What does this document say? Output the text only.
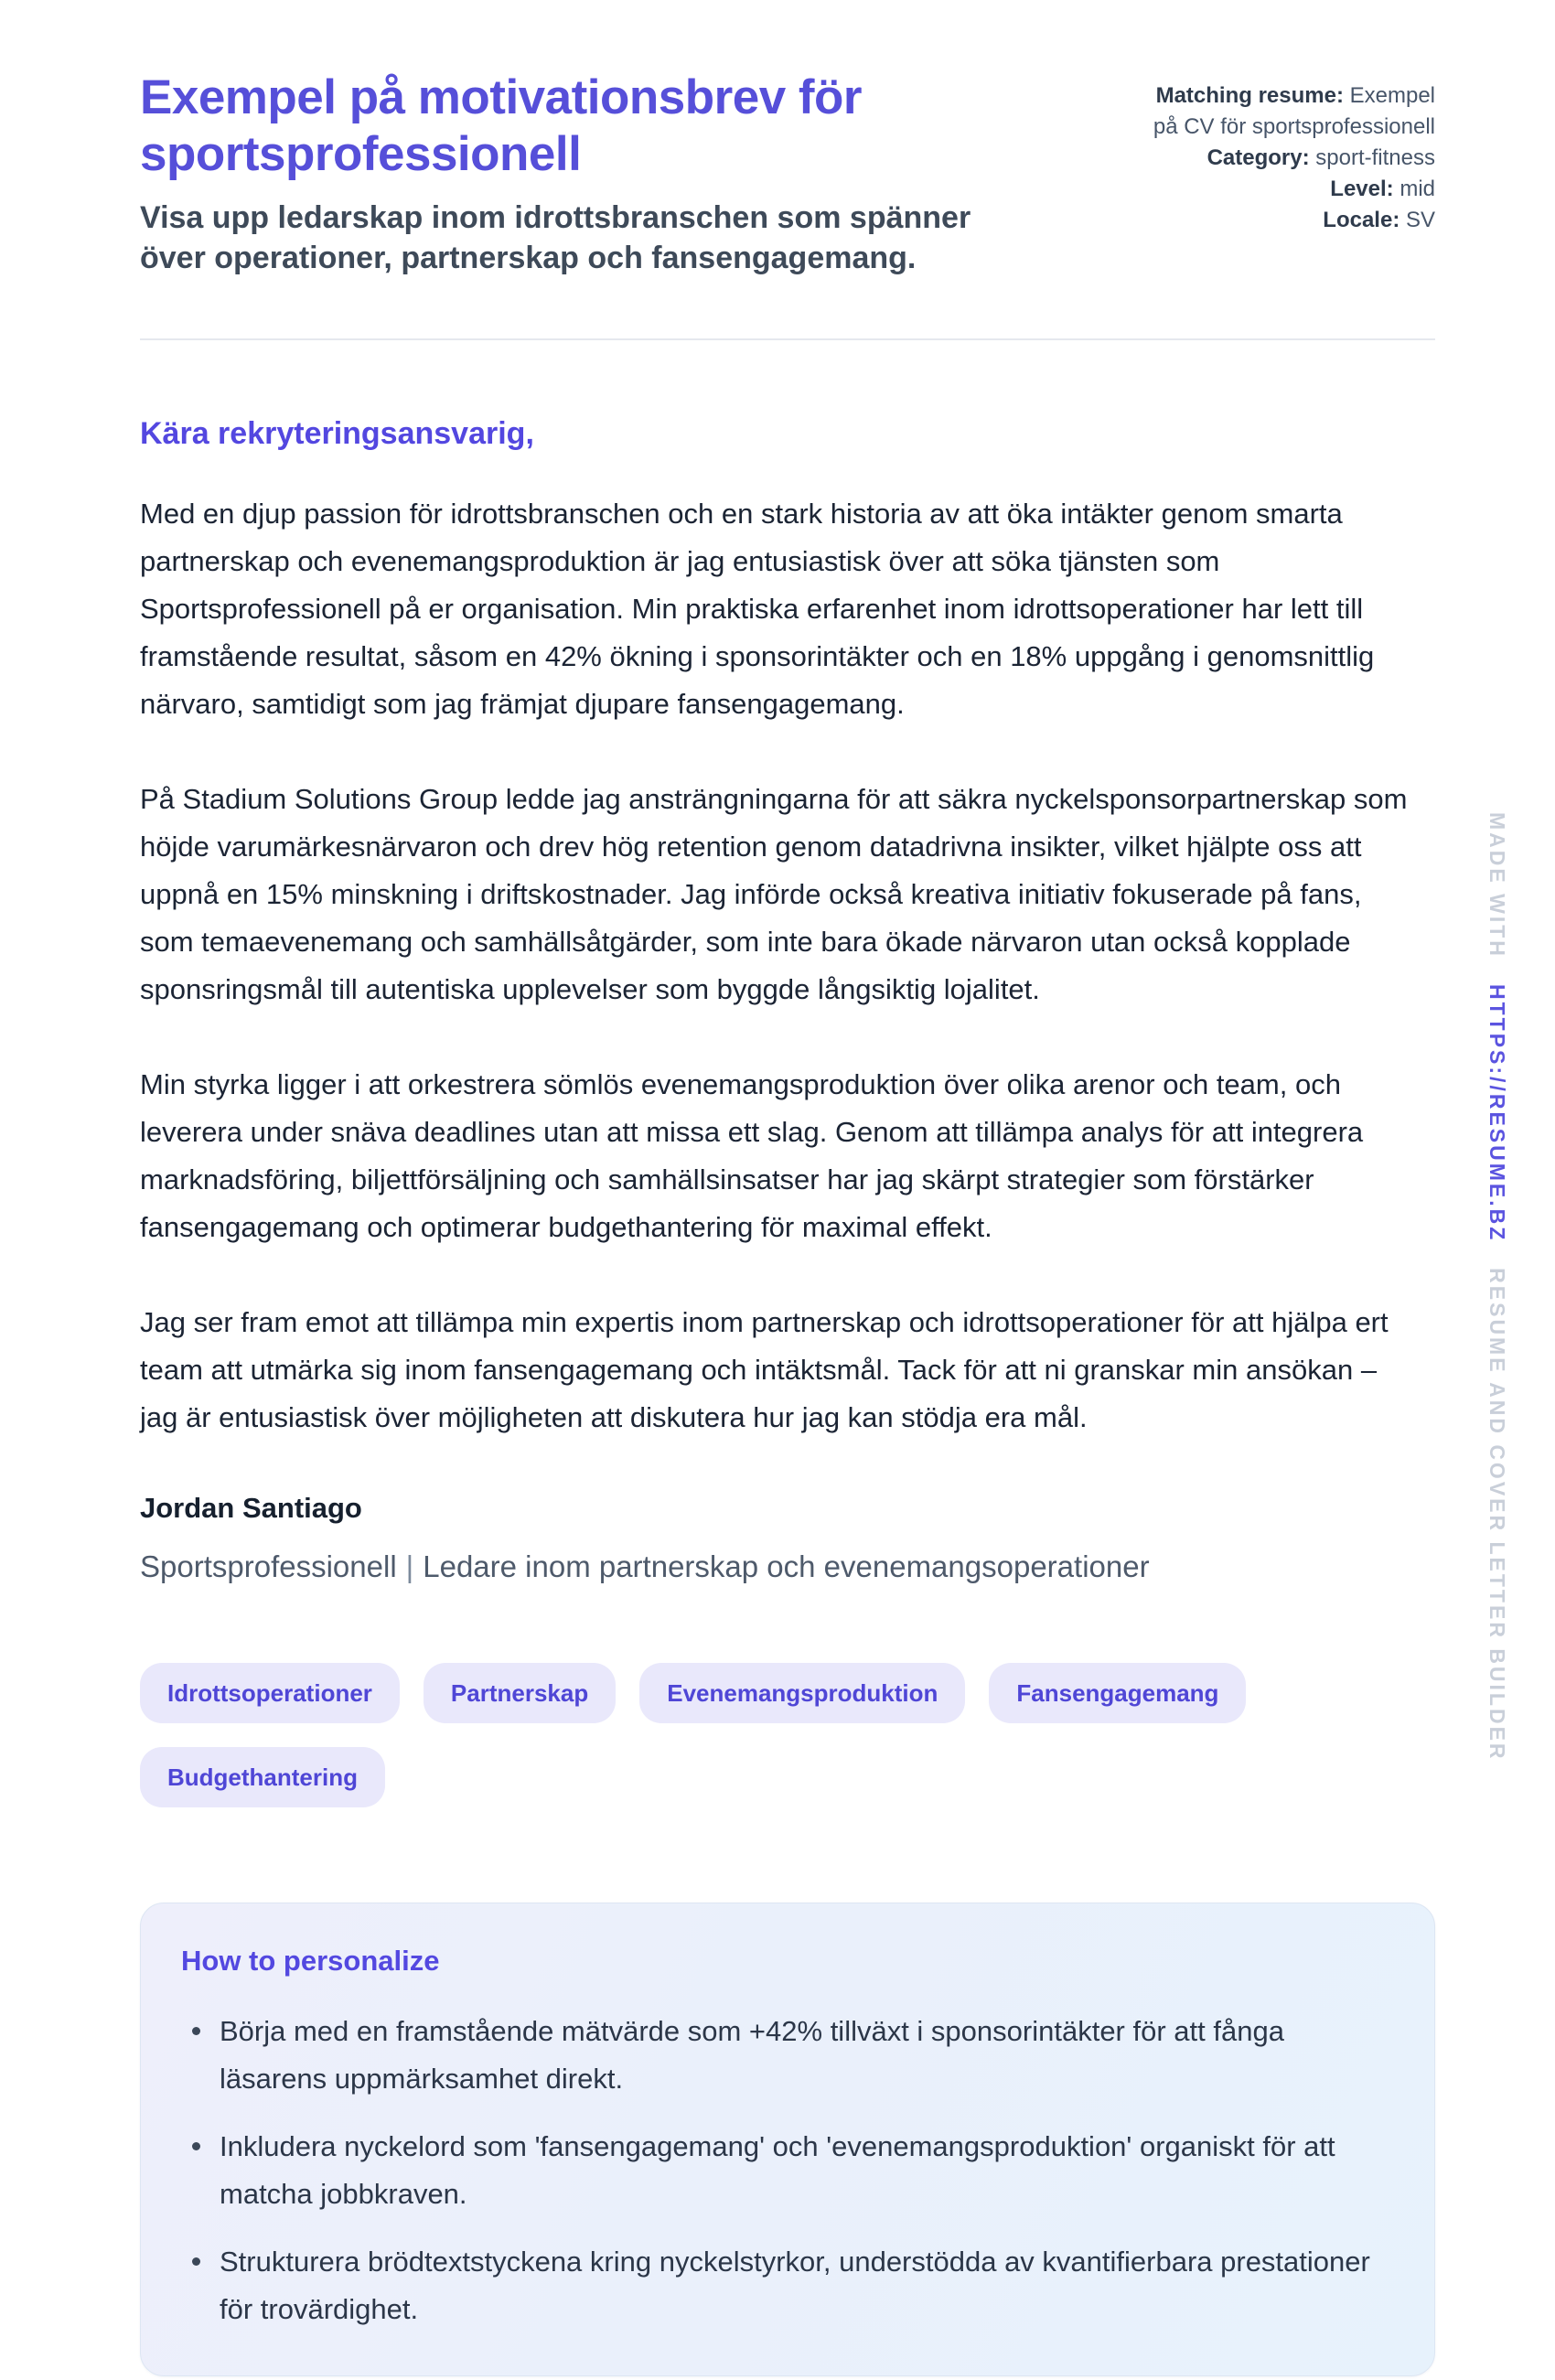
Exempel på motivationsbrev för sportsprofessionell

Visa upp ledarskap inom idrottsbranschen som spänner över operationer, partnerskap och fansengagemang.

Matching resume: Exempel på CV för sportsprofessionell
Category: sport-fitness
Level: mid
Locale: SV

Kära rekryteringsansvarig,

Med en djup passion för idrottsbranschen och en stark historia av att öka intäkter genom smarta partnerskap och evenemangsproduktion är jag entusiastisk över att söka tjänsten som Sportsprofessionell på er organisation. Min praktiska erfarenhet inom idrottsoperationer har lett till framstående resultat, såsom en 42% ökning i sponsorintäkter och en 18% uppgång i genomsnittlig närvaro, samtidigt som jag främjat djupare fansengagemang.

På Stadium Solutions Group ledde jag ansträngningarna för att säkra nyckelsponsorpartnerskap som höjde varumärkesnärvaron och drev hög retention genom datadrivna insikter, vilket hjälpte oss att uppnå en 15% minskning i driftskostnader. Jag införde också kreativa initiativ fokuserade på fans, som temaevenemang och samhällsåtgärder, som inte bara ökade närvaron utan också kopplade sponsringsmål till autentiska upplevelser som byggde långsiktig lojalitet.

Min styrka ligger i att orkestrera sömlös evenemangsproduktion över olika arenor och team, och leverera under snäva deadlines utan att missa ett slag. Genom att tillämpa analys för att integrera marknadsföring, biljettförsäljning och samhällsinsatser har jag skärpt strategier som förstärker fansengagemang och optimerar budgethantering för maximal effekt.

Jag ser fram emot att tillämpa min expertis inom partnerskap och idrottsoperationer för att hjälpa ert team att utmärka sig inom fansengagemang och intäktsmål. Tack för att ni granskar min ansökan – jag är entusiastisk över möjligheten att diskutera hur jag kan stödja era mål.

Jordan Santiago

Sportsprofessionell | Ledare inom partnerskap och evenemangsoperationer

Idrottsoperationer	Partnerskap	Evenemangsproduktion	Fansengagemang
Budgethantering
How to personalize
Börja med en framstående mätvärde som +42% tillväxt i sponsorintäkter för att fånga läsarens uppmärksamhet direkt.
Inkludera nyckelord som 'fansengagemang' och 'evenemangsproduktion' organiskt för att matcha jobbkraven.
Strukturera brödtextstyckena kring nyckelstyrkor, understödda av kvantifierbara prestationer för trovärdighet.
MADE WITHHTTPS://RESUME.BZRESUME AND COVER LETTER BUILDER
